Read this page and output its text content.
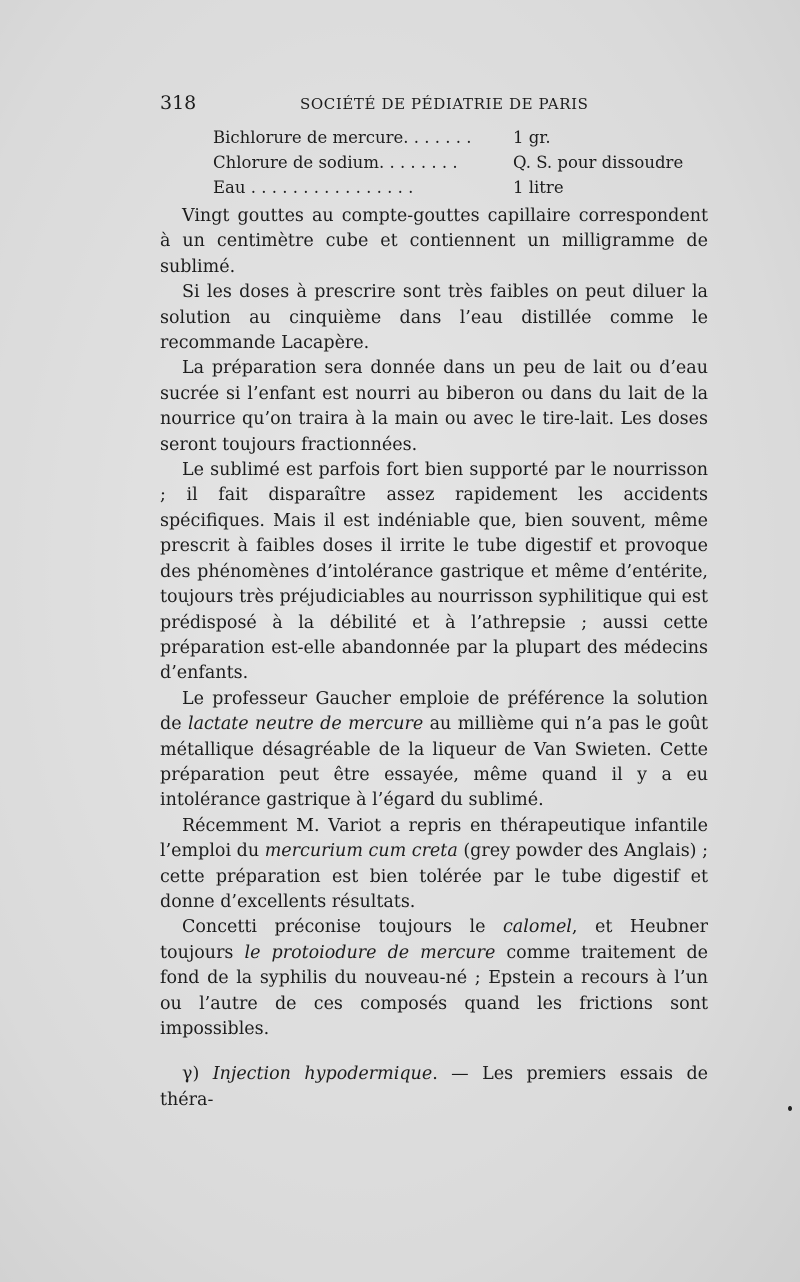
318	SOCIÉTÉ DE PÉDIATRIE DE PARIS
Bichlorure de mercure. . . . . . .	1 gr.
Chlorure de sodium. . . . . . . .	Q. S. pour dissoudre
Eau . . . . . . . . . . . . . . . .	1 litre

Vingt gouttes au compte-gouttes capillaire correspondent à un centimètre cube et contiennent un milligramme de sublimé.

Si les doses à prescrire sont très faibles on peut diluer la solution au cinquième dans l’eau distillée comme le recommande Lacapère.

La préparation sera donnée dans un peu de lait ou d’eau sucrée si l’enfant est nourri au biberon ou dans du lait de la nourrice qu’on traira à la main ou avec le tire-lait. Les doses seront toujours fractionnées.

Le sublimé est parfois fort bien supporté par le nourrisson ; il fait disparaître assez rapidement les accidents spécifiques. Mais il est indéniable que, bien souvent, même prescrit à faibles doses il irrite le tube digestif et provoque des phénomènes d’intolérance gastrique et même d’entérite, toujours très préjudiciables au nourrisson syphilitique qui est prédisposé à la débilité et à l’athrepsie ; aussi cette préparation est-elle abandonnée par la plupart des médecins d’enfants.

Le professeur Gaucher emploie de préférence la solution de lactate neutre de mercure au millième qui n’a pas le goût métallique désagréable de la liqueur de Van Swieten. Cette préparation peut être essayée, même quand il y a eu intolérance gastrique à l’égard du sublimé.

Récemment M. Variot a repris en thérapeutique infantile l’emploi du mercurium cum creta (grey powder des Anglais) ; cette préparation est bien tolérée par le tube digestif et donne d’excellents résultats.

Concetti préconise toujours le calomel, et Heubner toujours le protoiodure de mercure comme traitement de fond de la syphilis du nouveau-né ; Epstein a recours à l’un ou l’autre de ces composés quand les frictions sont impossibles.

γ) Injection hypodermique. — Les premiers essais de théra-
